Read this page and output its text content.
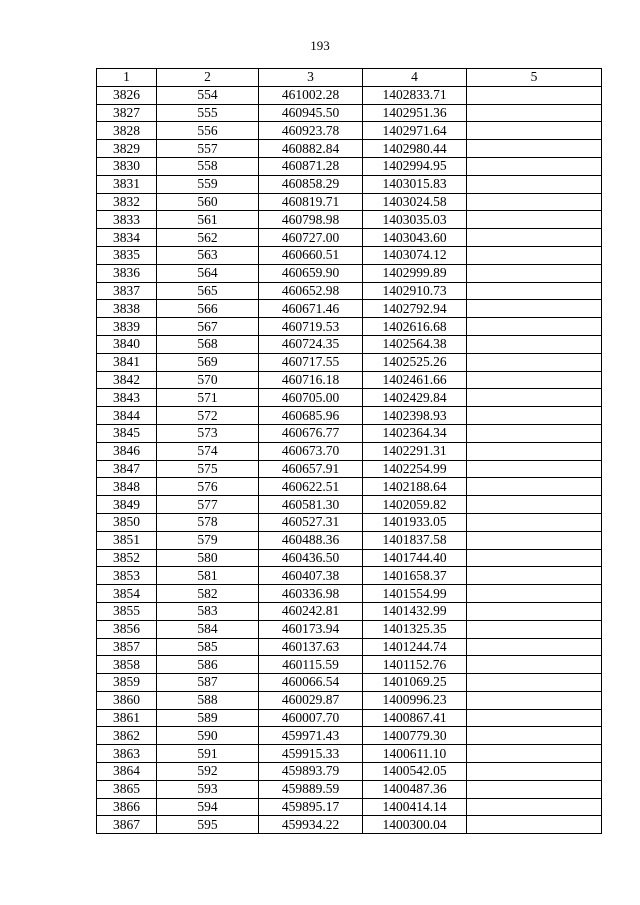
193
1	2	3	4	5
3826	554	461002.28	1402833.71	
3827	555	460945.50	1402951.36	
3828	556	460923.78	1402971.64	
3829	557	460882.84	1402980.44	
3830	558	460871.28	1402994.95	
3831	559	460858.29	1403015.83	
3832	560	460819.71	1403024.58	
3833	561	460798.98	1403035.03	
3834	562	460727.00	1403043.60	
3835	563	460660.51	1403074.12	
3836	564	460659.90	1402999.89	
3837	565	460652.98	1402910.73	
3838	566	460671.46	1402792.94	
3839	567	460719.53	1402616.68	
3840	568	460724.35	1402564.38	
3841	569	460717.55	1402525.26	
3842	570	460716.18	1402461.66	
3843	571	460705.00	1402429.84	
3844	572	460685.96	1402398.93	
3845	573	460676.77	1402364.34	
3846	574	460673.70	1402291.31	
3847	575	460657.91	1402254.99	
3848	576	460622.51	1402188.64	
3849	577	460581.30	1402059.82	
3850	578	460527.31	1401933.05	
3851	579	460488.36	1401837.58	
3852	580	460436.50	1401744.40	
3853	581	460407.38	1401658.37	
3854	582	460336.98	1401554.99	
3855	583	460242.81	1401432.99	
3856	584	460173.94	1401325.35	
3857	585	460137.63	1401244.74	
3858	586	460115.59	1401152.76	
3859	587	460066.54	1401069.25	
3860	588	460029.87	1400996.23	
3861	589	460007.70	1400867.41	
3862	590	459971.43	1400779.30	
3863	591	459915.33	1400611.10	
3864	592	459893.79	1400542.05	
3865	593	459889.59	1400487.36	
3866	594	459895.17	1400414.14	
3867	595	459934.22	1400300.04	
